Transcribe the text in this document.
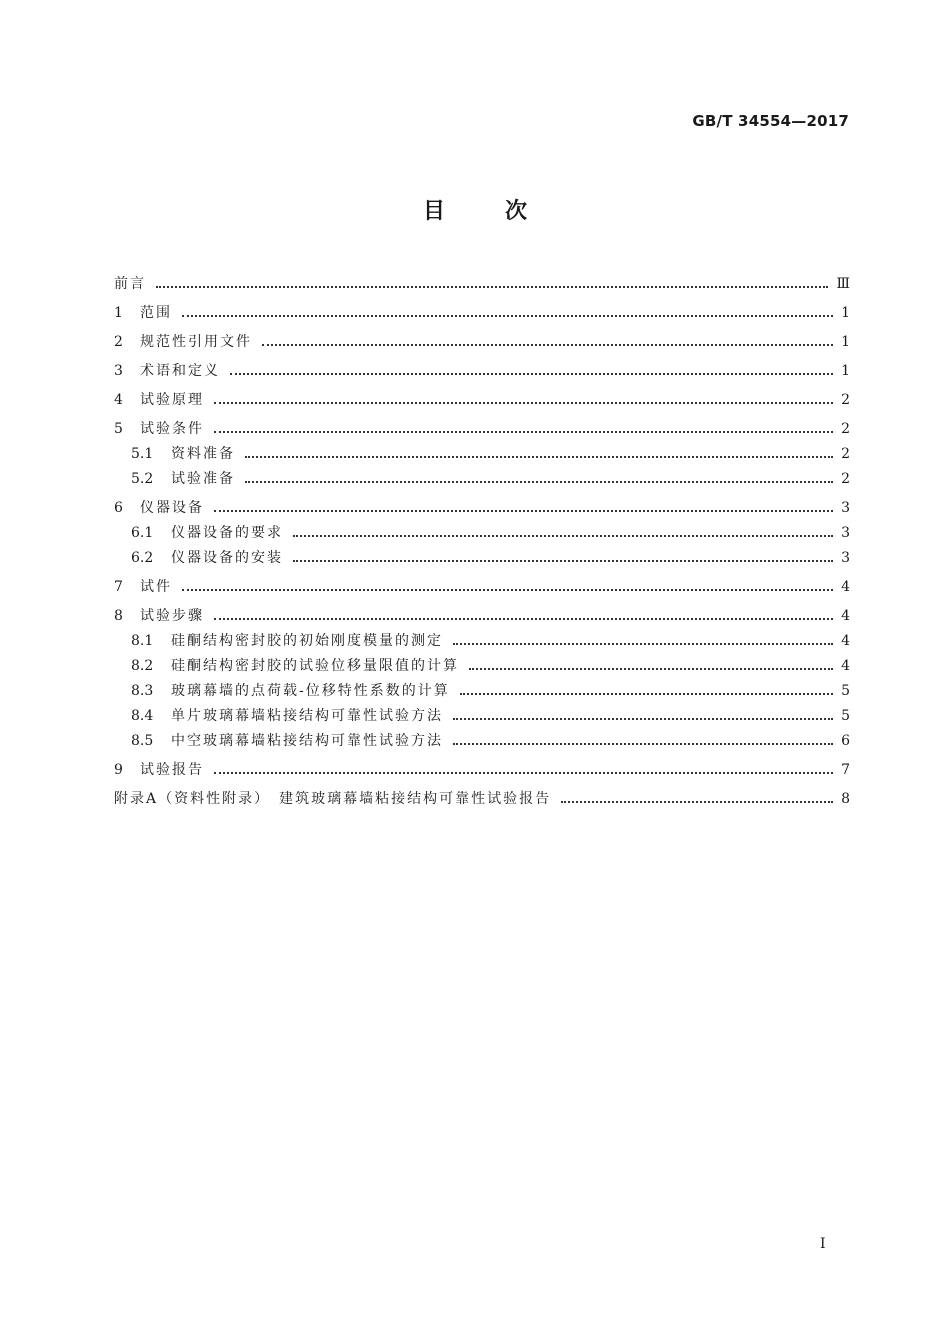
GB/T 34554—2017
目次
前言	Ⅲ
1	范围	1
2	规范性引用文件	1
3	术语和定义	1
4	试验原理	2
5	试验条件	2
5.1	资料准备	2
5.2	试验准备	2
6	仪器设备	3
6.1	仪器设备的要求	3
6.2	仪器设备的安装	3
7	试件	4
8	试验步骤	4
8.1	硅酮结构密封胶的初始刚度模量的测定	4
8.2	硅酮结构密封胶的试验位移量限值的计算	4
8.3	玻璃幕墙的点荷载-位移特性系数的计算	5
8.4	单片玻璃幕墙粘接结构可靠性试验方法	5
8.5	中空玻璃幕墙粘接结构可靠性试验方法	6
9	试验报告	7
附录A（资料性附录）　建筑玻璃幕墙粘接结构可靠性试验报告	8
Ⅰ
